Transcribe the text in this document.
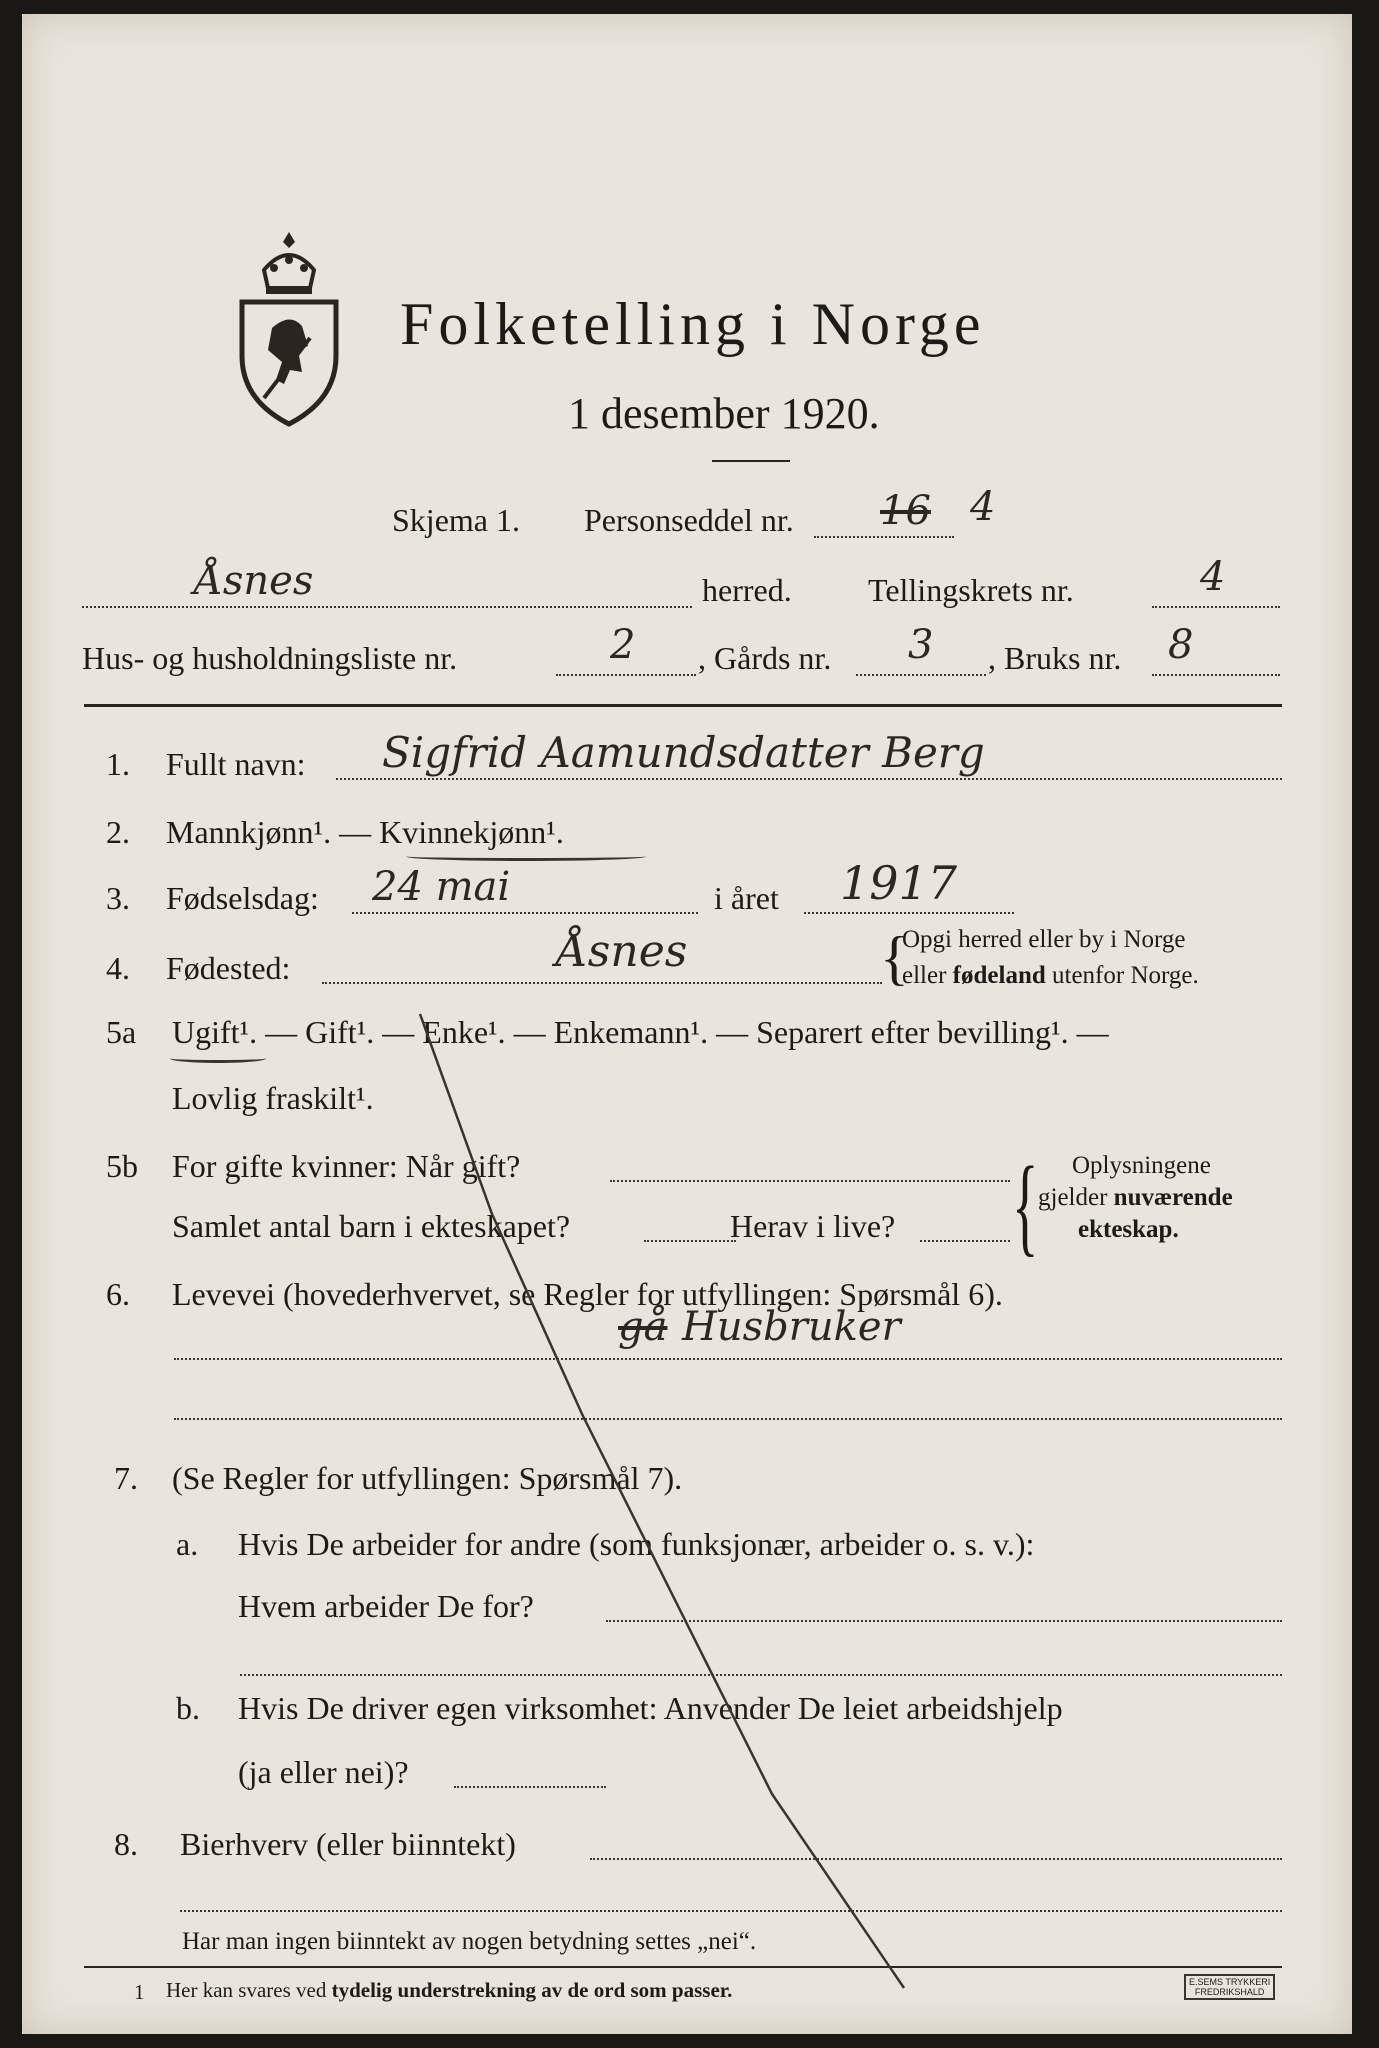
Folketelling i Norge
1 desember 1920.
Skjema 1. Personseddel nr. 16 4
Åsnes	herred. Tellingskrets nr.	4
Hus- og husholdningsliste nr.	2 , Gårds nr. 3 , Bruks nr. 8
1. Fullt navn: Sigfrid Aamundsdatter Berg
2. Mannkjønn¹. — Kvinnekjønn¹.
3. Fødselsdag: 24 mai	i året 1917
4. Fødested:	Åsnes	{
Opgi herred eller by i Norge
eller fødeland utenfor Norge.
5a Ugift¹. — Gift¹. — Enke¹. — Enkemann¹. — Separert efter bevilling¹. —
Lovlig fraskilt¹.
5b For gifte kvinner: Når gift?
Samlet antal barn i ekteskapet?	Herav i live? { Oplysningene
gjelder nuværende
ekteskap.
6. Levevei (hovederhvervet, se Regler for utfyllingen: Spørsmål 6).
gå Husbruker
7. (Se Regler for utfyllingen: Spørsmål 7).
a. Hvis De arbeider for andre (som funksjonær, arbeider o. s. v.):
Hvem arbeider De for?
b. Hvis De driver egen virksomhet: Anvender De leiet arbeidshjelp
(ja eller nei)?
8. Bierhverv (eller biinntekt)
Har man ingen biinntekt av nogen betydning settes „nei“.
1 Her kan svares ved tydelig understrekning av de ord som passer.	E.SEMS TRYKKERI
FREDRIKSHALD
